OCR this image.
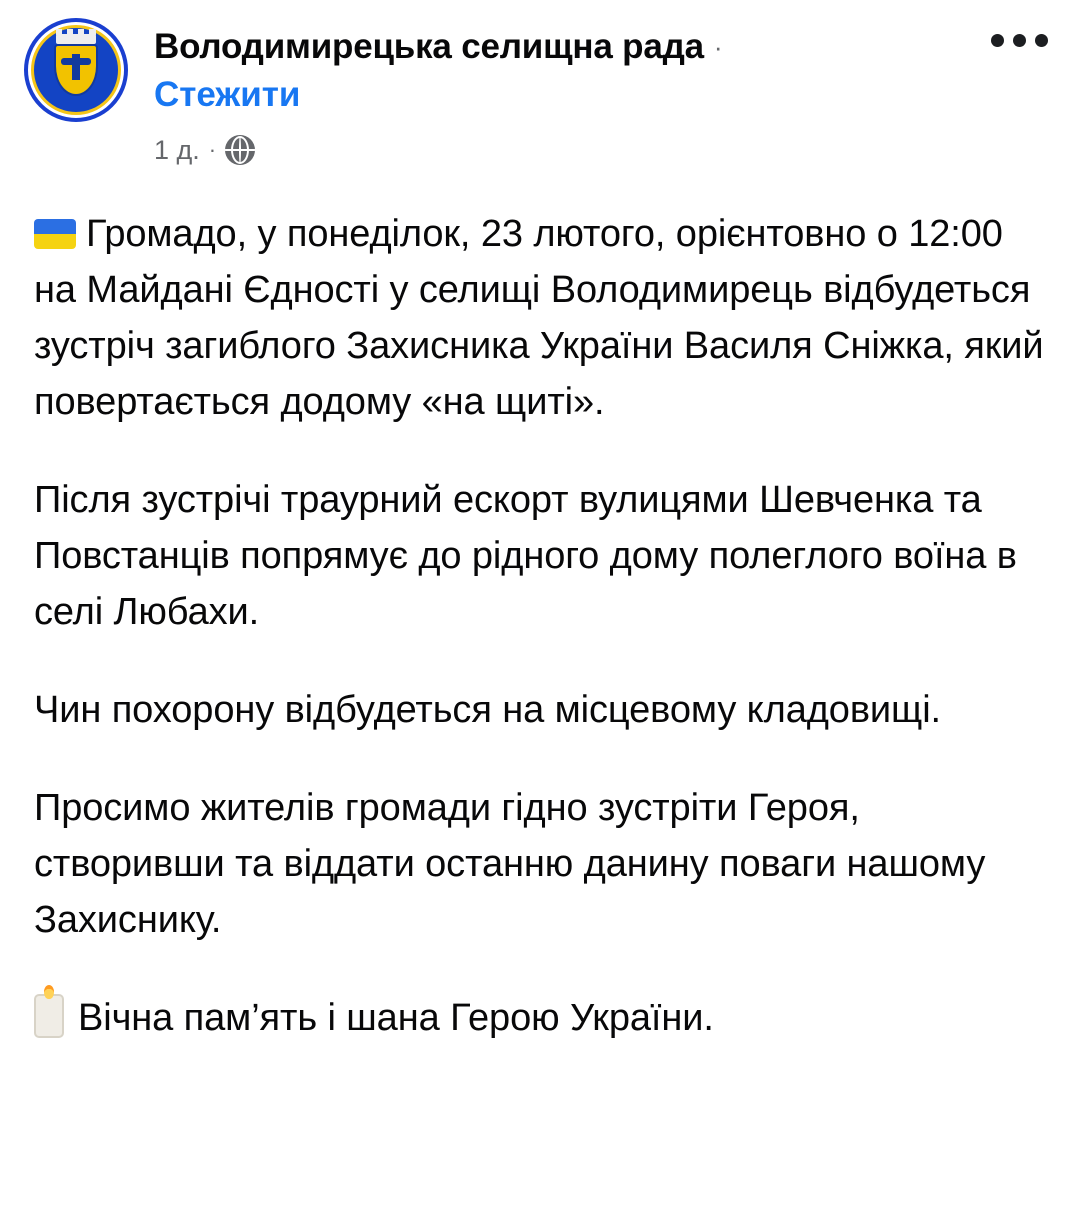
Володимирецька селищна рада ·
Стежити
1 д. ·

Громадо, у понеділок, 23 лютого, орієнтовно о 12:00 на Майдані Єдності у селищі Володимирець відбудеться зустріч загиблого Захисника України Василя Сніжка, який повертається додому «на щиті».

Після зустрічі траурний ескорт вулицями Шевченка та Повстанців попрямує до рідного дому полеглого воїна в селі Любахи.

Чин похорону відбудеться на місцевому кладовищі.

Просимо жителів громади гідно зустріти Героя, створивши та віддати останню данину поваги нашому Захиснику.

Вічна пам’ять і шана Герою України.
